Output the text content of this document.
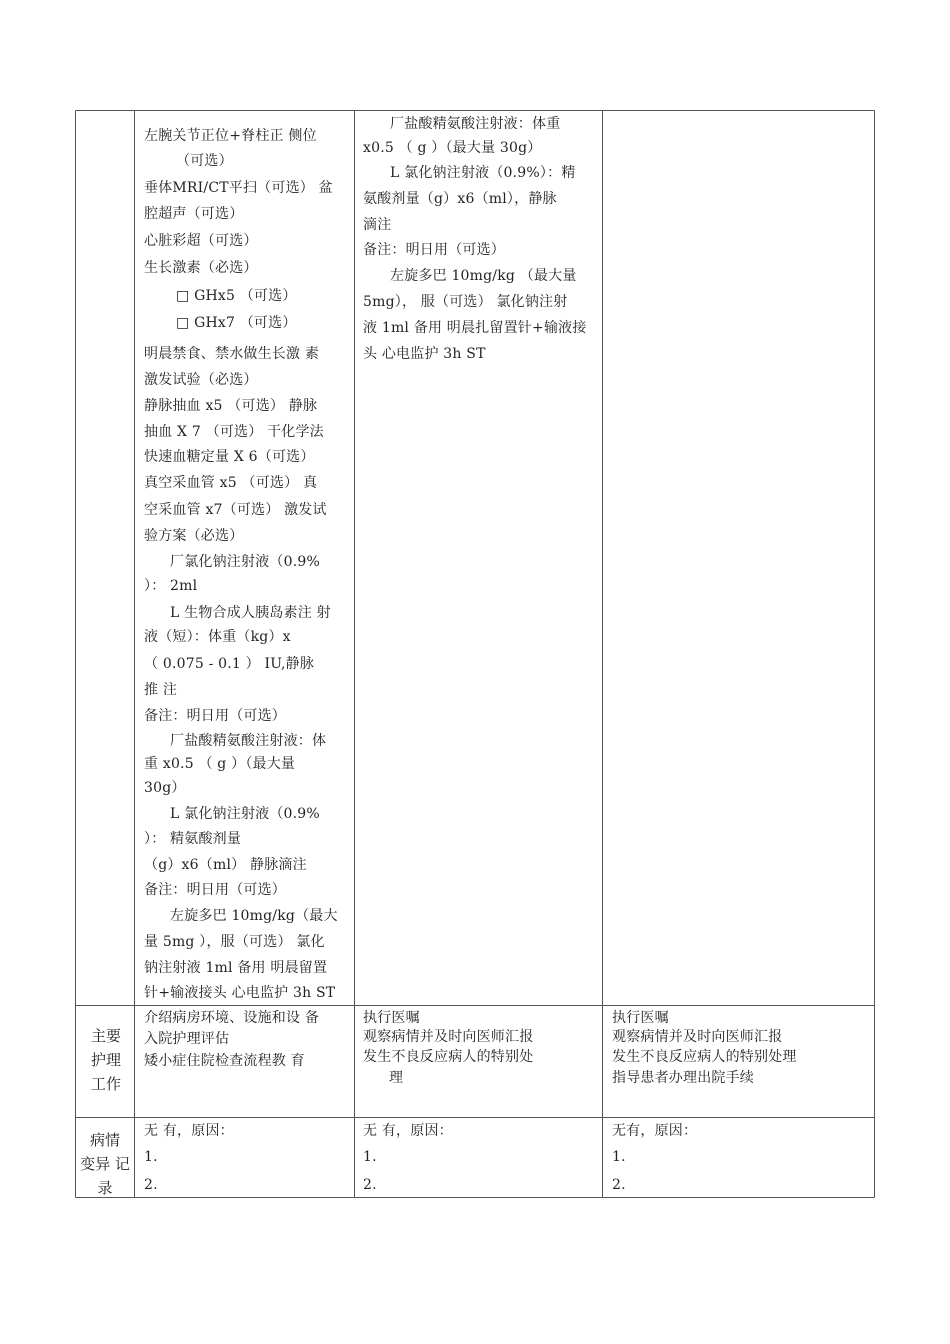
左腕关节正位+脊柱正 侧位
（可选）
垂体MRI/CT平扫（可选） 盆
腔超声（可选）
心脏彩超（可选）
生长激素（必选）
□ GHx5 （可选）
□ GHx7 （可选）
明晨禁食、禁水做生长激 素
激发试验（必选）
静脉抽血 x5 （可选） 静脉
抽血 X 7 （可选） 干化学法
快速血糖定量 X 6（可选）
真空采血管 x5 （可选） 真
空采血管 x7（可选） 激发试
验方案（必选）
厂氯化钠注射液（0.9%
）： 2ml
L 生物合成人胰岛素注 射
液（短）：体重（kg）x
（ 0.075 - 0.1 ） IU,静脉
推 注
备注：明日用（可选）
厂盐酸精氨酸注射液：体
重 x0.5 （ g ）（最大量
30g）
L 氯化钠注射液（0.9%
）： 精氨酸剂量
（g）x6（ml） 静脉滴注
备注：明日用（可选）
左旋多巴 10mg/kg（最大
量 5mg ），服（可选） 氯化
钠注射液 1ml 备用 明晨留置
针+输液接头 心电监护 3h ST
厂盐酸精氨酸注射液：体重
x0.5 （ g ）（最大量 30g）
L 氯化钠注射液（0.9%）：精
氨酸剂量（g）x6（ml），静脉
滴注
备注：明日用（可选）
左旋多巴 10mg/kg （最大量
5mg）， 服（可选） 氯化钠注射
液 1ml 备用 明晨扎留置针+输液接
头 心电监护 3h ST
主要
护理
工作
介绍病房环境、设施和设 备
入院护理评估
矮小症住院检查流程教 育
执行医嘱
观察病情并及时向医师汇报
发生不良反应病人的特别处
理
执行医嘱
观察病情并及时向医师汇报
发生不良反应病人的特别处理
指导患者办理出院手续
病情
变异 记
录
无 有，原因：
1.
2.
无 有，原因：
1.
2.
无有，原因：
1.
2.
